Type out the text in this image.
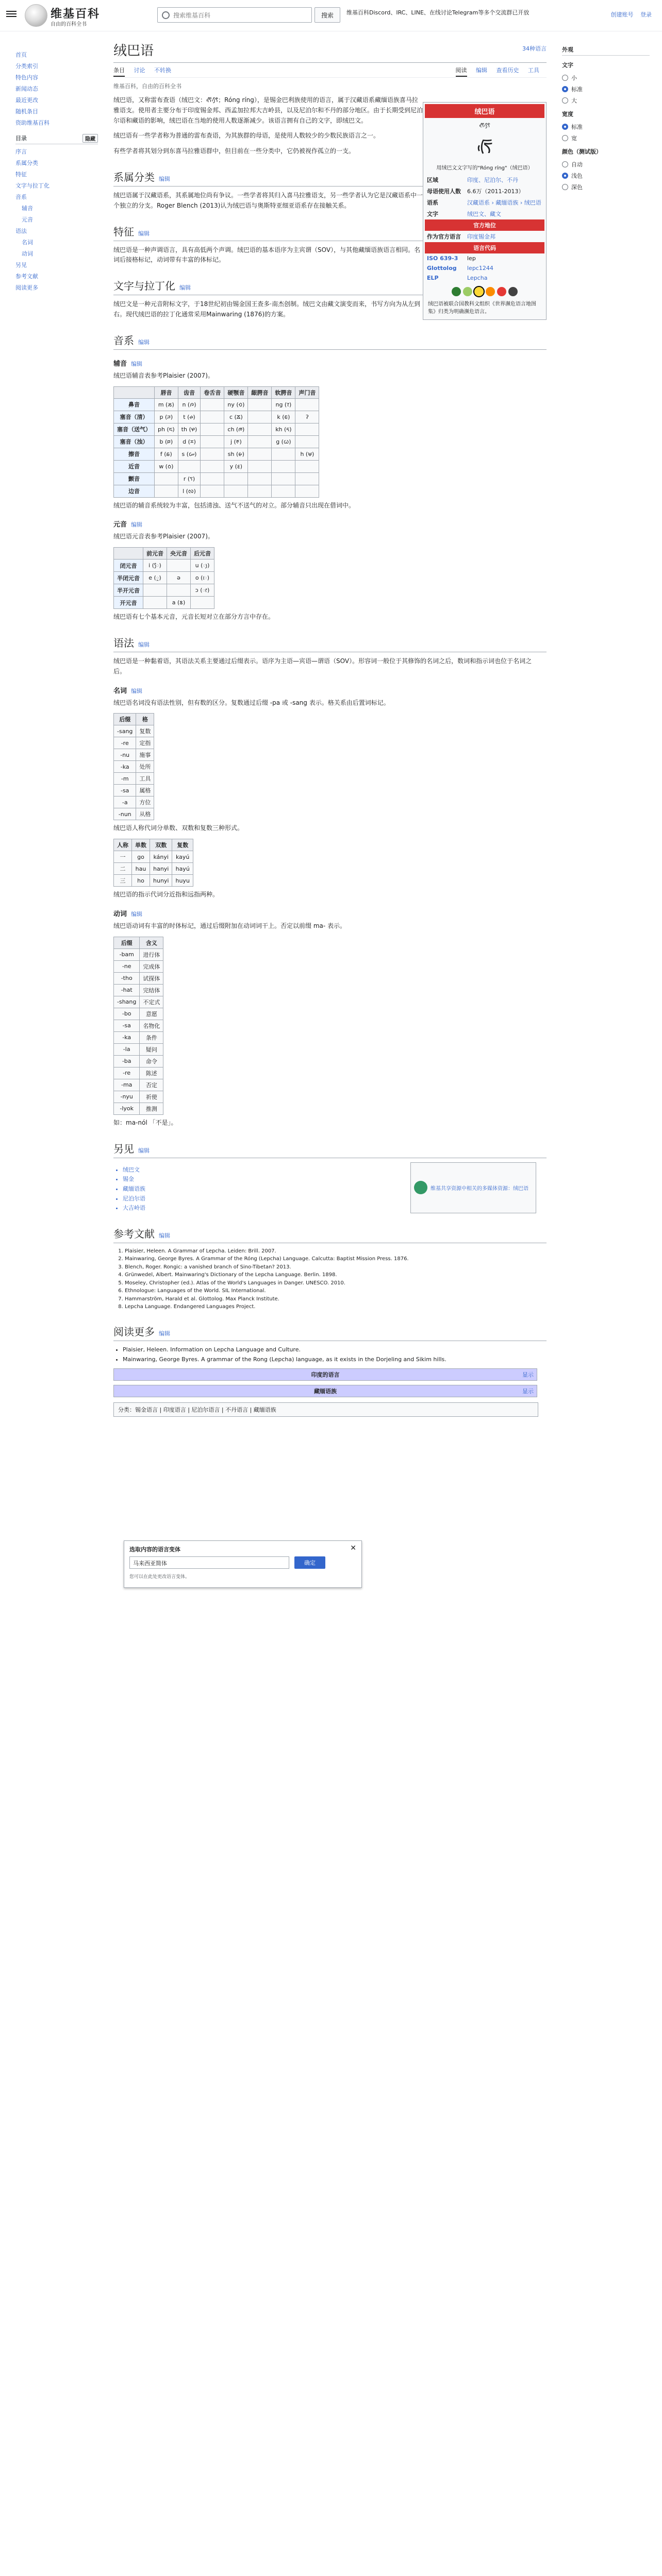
维基百科
自由的百科全书
搜索维基百科
搜索	维基百科Discord、IRC、LINE、在线讨论Telegram等多个交流群已开放	创建账号 登录
首页
分类索引
特色内容
新闻动态
最近更改
随机条目
资助维基百科
目录	隐藏
序言
系属分类
特征
文字与拉丁化
音系
辅音
元音
语法
名词
动词
另见
参考文献
阅读更多
绒巴语	34种语言
条目 讨论 不转换	阅读 编辑 查看历史 工具
维基百科，自由的百科全书
绒巴语
ᰛᰩᰵᰛᰧᰵᰶ
ᰛᰩᰵ
用绒巴文文字写的"Róng ríng"（绒巴语）
区域	印度、尼泊尔、不丹
母语使用人数	6.6万（2011-2013）
语系	汉藏语系 › 藏缅语族 › 绒巴语
文字	绒巴文、藏文
官方地位
作为官方语言	印度锡金邦
语言代码
ISO 639-3	lep
Glottolog	lepc1244
ELP	Lepcha
绒巴语被联合国教科文组织《世界濒危语言地图集》归类为明确濒危语言。
绒巴语，又称雷布查语（绒巴文：ᰛᰩᰵᰛᰧᰵᰶ；Róng ríng），是锡金巴利族使用的语言，属于汉藏语系藏缅语族喜马拉雅语支。使用者主要分布于印度锡金邦、西孟加拉邦大吉岭县，以及尼泊尔和不丹的部分地区。由于长期受到尼泊尔语和藏语的影响，绒巴语在当地的使用人数逐渐减少。该语言拥有自己的文字，即绒巴文。
绒巴语有一些学者称为普通的雷布查语，为其族群的母语，是使用人数较少的少数民族语言之一。
有些学者将其划分到东喜马拉雅语群中，但目前在一些分类中，它仍被视作孤立的一支。
系属分类 编辑
绒巴语属于汉藏语系，其系属地位尚有争议。一些学者将其归入喜马拉雅语支，另一些学者认为它是汉藏语系中一个独立的分支。Roger Blench (2013)认为绒巴语与奥斯特亚细亚语系存在接触关系。
特征 编辑
绒巴语是一种声调语言，具有高低两个声调。绒巴语的基本语序为主宾谓（SOV），与其他藏缅语族语言相同。名词后接格标记，动词带有丰富的体标记。
文字与拉丁化 编辑
绒巴文是一种元音附标文字，于18世纪初由锡金国王查多·南杰创制。绒巴文由藏文演变而来，书写方向为从左到右。现代绒巴语的拉丁化通常采用Mainwaring (1876)的方案。
音系 编辑
辅音 编辑
绒巴语辅音表参考Plaisier (2007)。
	唇音	齿音	卷舌音	硬颚音	龈腭音	软腭音	声门音
鼻音	m (ᰕ)	n (ᰍ)		ny (ᰆ)		ng (ᰅ)	
塞音（清）	p (ᰎ)	t (ᰊ)		c (ᰇ)		k (ᰀ)	ʔ
塞音（送气）	ph (ᰏ)	th (ᰋ)		ch (ᰈ)		kh (ᰁ)	
塞音（浊）	b (ᰐ)	d (ᰌ)		j (ᰉ)		g (ᰃ)	
擦音	f (ᰑ)	s (ᰠ)		sh (ᰡ)			h (ᰝ)
近音	w (ᰓ)			y (ᰚ)			
颤音		r (ᰛ)					
边音		l (ᰜ)					
绒巴语的辅音系统较为丰富，包括清浊、送气不送气的对立。部分辅音只出现在借词中。
元音 编辑
绒巴语元音表参考Plaisier (2007)。
	前元音	央元音	后元音
闭元音	i (ᰧ)		u (ᰪ)
半闭元音	e (ᰬ)	ə	o (ᰨ)
半开元音			ɔ (ᰦ)
开元音		a (ᰣ)	
绒巴语有七个基本元音，元音长短对立在部分方言中存在。
语法 编辑
绒巴语是一种黏着语，其语法关系主要通过后缀表示。语序为主语—宾语—谓语（SOV）。形容词一般位于其修饰的名词之后，数词和指示词也位于名词之后。
名词 编辑
绒巴语名词没有语法性别，但有数的区分。复数通过后缀 -pa 或 -sang 表示。格关系由后置词标记。
后缀	格
-sang	复数
-re	定指
-nu	施事
-ka	处所
-m	工具
-sa	属格
-a	方位
-nun	从格
绒巴语人称代词分单数、双数和复数三种形式。
人称	单数	双数	复数
一	go	kányi	kayú
二	hau	hanyi	hayú
三	ho	hunyi	huyu
绒巴语的指示代词分近指和远指两种。
动词 编辑
绒巴语动词有丰富的时体标记，通过后缀附加在动词词干上。否定以前缀 ma- 表示。
后缀	含义
-bam	进行体
-ne	完成体
-tho	试探体
-hat	完结体
-shang	不定式
-bo	意愿
-sa	名物化
-ka	条件
-la	疑问
-ba	命令
-re	陈述
-ma	否定
-nyu	祈使
-lyok	推测
如：ma-nól 「不是」。
另见 编辑
• 绒巴文
• 锡金
• 藏缅语族
• 尼泊尔语
• 大吉岭语
维基共享资源中相关的多媒体资源：绒巴语
参考文献 编辑
1. Plaisier, Heleen. A Grammar of Lepcha. Leiden: Brill. 2007.
2. Mainwaring, George Byres. A Grammar of the Róng (Lepcha) Language. Calcutta: Baptist Mission Press. 1876.
3. Blench, Roger. Rongic: a vanished branch of Sino-Tibetan? 2013.
4. Grünwedel, Albert. Mainwaring's Dictionary of the Lepcha Language. Berlin. 1898.
5. Moseley, Christopher (ed.). Atlas of the World's Languages in Danger. UNESCO. 2010.
6. Ethnologue: Languages of the World. SIL International.
7. Hammarström, Harald et al. Glottolog. Max Planck Institute.
8. Lepcha Language. Endangered Languages Project.
阅读更多 编辑
• Plaisier, Heleen. Information on Lepcha Language and Culture.
• Mainwaring, George Byres. A grammar of the Rong (Lepcha) language, as it exists in the Dorjeling and Sikim hills.
印度的语言	显示
藏缅语族	显示
分类：锡金语言 | 印度语言 | 尼泊尔语言 | 不丹语言 | 藏缅语族
外观
文字
小
标准
大
宽度
标准
宽
颜色（测试版）
自动
浅色
深色
选取内容的语言变体	✕
马来西亚简体	确定
您可以在此处更改语言变体。
